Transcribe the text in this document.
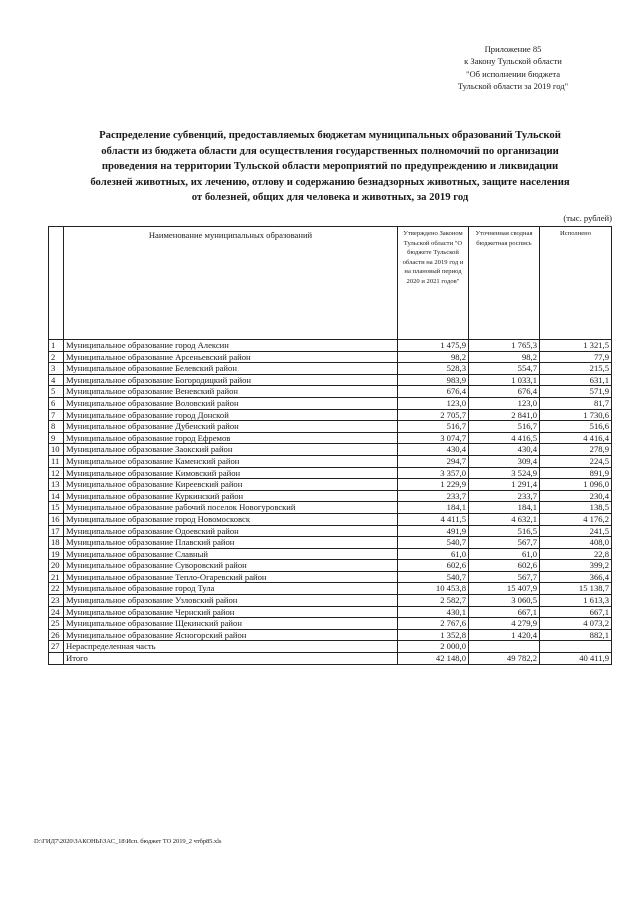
Приложение 85
к Закону Тульской области
"Об исполнении бюджета
Тульской области за 2019 год"
Распределение субвенций, предоставляемых бюджетам муниципальных образований Тульской
области из бюджета области для осуществления государственных полномочий по организации
проведения на территории Тульской области мероприятий по предупреждению и ликвидации
болезней животных, их лечению, отлову и содержанию безнадзорных животных, защите населения
от болезней, общих для человека и животных, за 2019 год
(тыс. рублей)
	Наименование муниципальных образований	Утверждено Законом Тульской области "О бюджете Тульской области на 2019 год и на плановый период 2020 и 2021 годов"	Уточненная сводная бюджетная роспись	Исполнено
1	Муниципальное образование город Алексин	1 475,9	1 765,3	1 321,5
2	Муниципальное образование Арсеньевский район	98,2	98,2	77,9
3	Муниципальное образование Белевский район	528,3	554,7	215,5
4	Муниципальное образование Богородицкий район	983,9	1 033,1	631,1
5	Муниципальное образование Веневский район	676,4	676,4	571,9
6	Муниципальное образование Воловский район	123,0	123,0	81,7
7	Муниципальное образование город Донской	2 705,7	2 841,0	1 730,6
8	Муниципальное образование Дубенский район	516,7	516,7	516,6
9	Муниципальное образование город Ефремов	3 074,7	4 416,5	4 416,4
10	Муниципальное образование Заокский район	430,4	430,4	278,9
11	Муниципальное образование Каменский район	294,7	309,4	224,5
12	Муниципальное образование Кимовский район	3 357,0	3 524,9	891,9
13	Муниципальное образование Киреевский район	1 229,9	1 291,4	1 096,0
14	Муниципальное образование Куркинский район	233,7	233,7	230,4
15	Муниципальное образование рабочий поселок Новогуровский	184,1	184,1	138,5
16	Муниципальное образование город Новомосковск	4 411,5	4 632,1	4 176,2
17	Муниципальное образование Одоевский район	491,9	516,5	241,5
18	Муниципальное образование Плавский район	540,7	567,7	408,0
19	Муниципальное образование Славный	61,0	61,0	22,8
20	Муниципальное образование Суворовский район	602,6	602,6	399,2
21	Муниципальное образование Тепло-Огаревский район	540,7	567,7	366,4
22	Муниципальное образование город Тула	10 453,8	15 407,9	15 138,7
23	Муниципальное образование Узловский район	2 582,7	3 060,5	1 613,3
24	Муниципальное образование Чернский район	430,1	667,1	667,1
25	Муниципальное образование Щекинский район	2 767,6	4 279,9	4 073,2
26	Муниципальное образование Ясногорский район	1 352,8	1 420,4	882,1
27	Нераспределенная часть	2 000,0		
	Итого	42 148,0	49 782,2	40 411,9
D:\ГИД7\2020\ЗАКОНЫ\ЗАС_18\Исп. бюджет ТО 2019_2 чтбр85.xls
